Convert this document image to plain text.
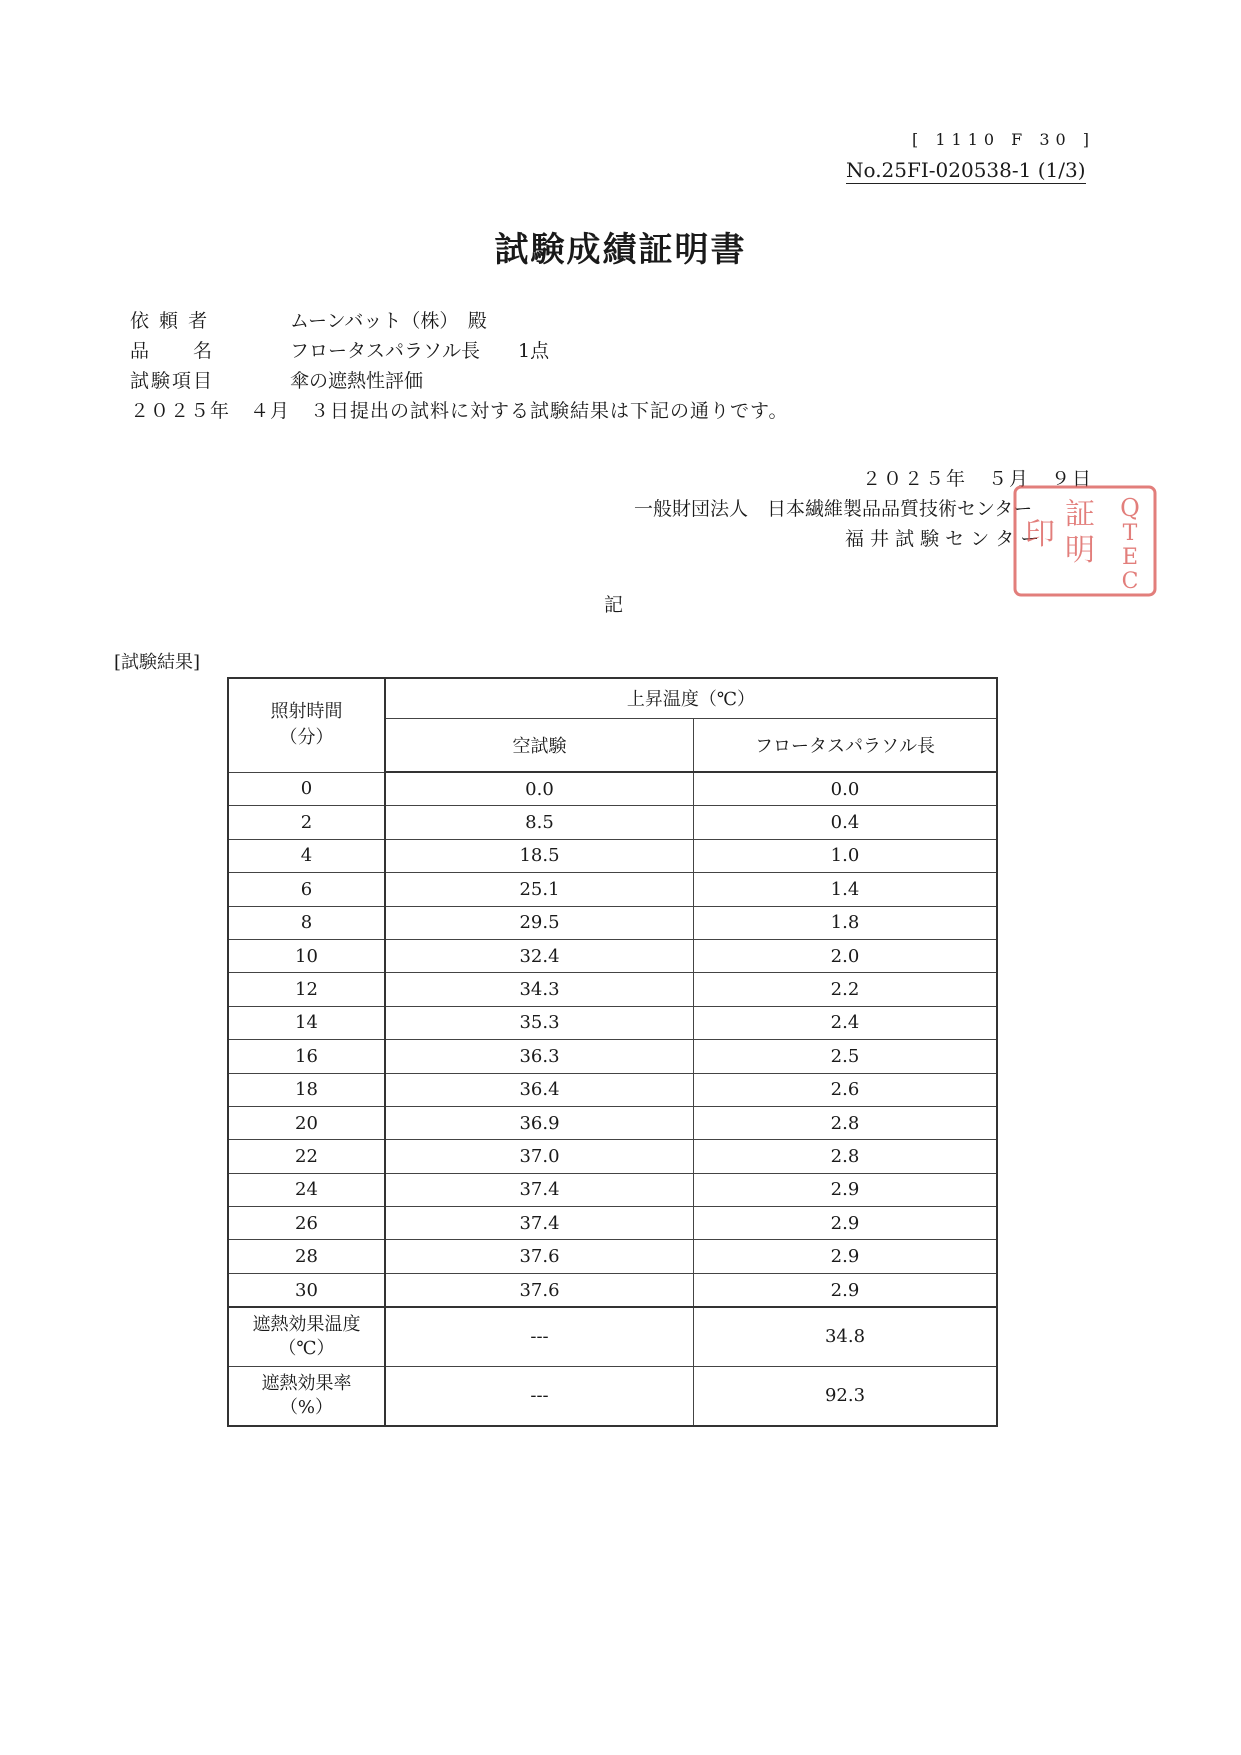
[ 1110 F 30 ]
No.25FI-020538-1 (1/3)
試験成績証明書
依 頼 者	ムーンバット（株）　殿
品　　名	フロータスパラソル長　　1点
試験項目	傘の遮熱性評価
２０２５年　４月　３日提出の試料に対する試験結果は下記の通りです。
２０２５年　５月　９日
一般財団法人　日本繊維製品品質技術センター
福 井 試 験 セ ン タ ー
Q
T
E
C
証
明
印
記
[試験結果]
照射時間
（分）	上昇温度（℃）	
	空試験	フロータスパラソル長
0	0.0	0.0
2	8.5	0.4
4	18.5	1.0
6	25.1	1.4
8	29.5	1.8
10	32.4	2.0
12	34.3	2.2
14	35.3	2.4
16	36.3	2.5
18	36.4	2.6
20	36.9	2.8
22	37.0	2.8
24	37.4	2.9
26	37.4	2.9
28	37.6	2.9
30	37.6	2.9
遮熱効果温度
（℃）	---	34.8
遮熱効果率
（%）	---	92.3
